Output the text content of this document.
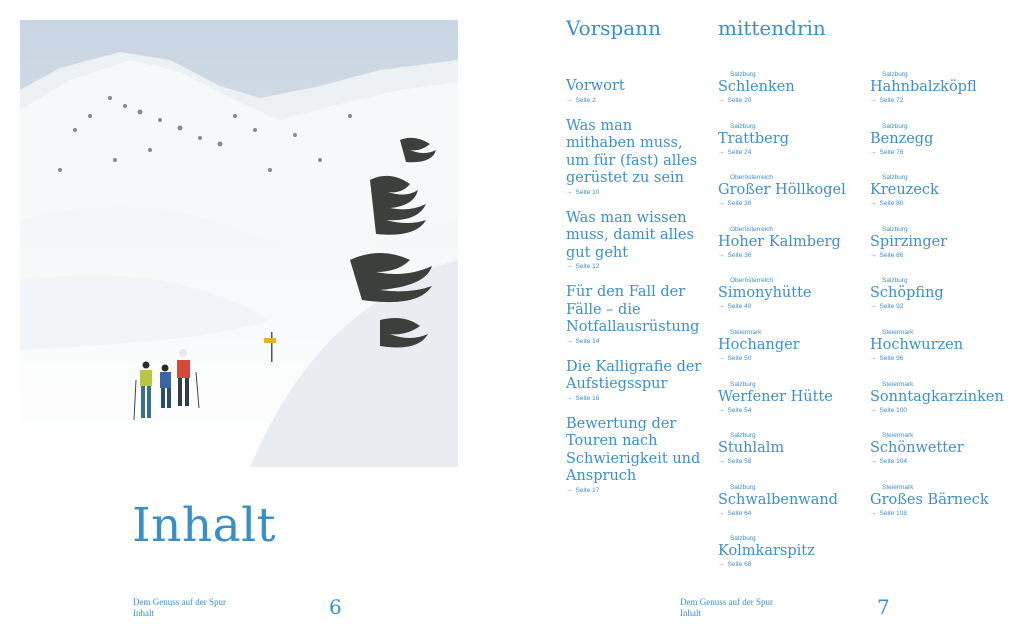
Inhalt
Dem Genuss auf der Spur
Inhalt	6
Vorspann	mittendrin
Vorwort
→ Seite 2
Was man mithaben muss, um für (fast) alles gerüstet zu sein
→ Seite 10
Was man wissen muss, damit alles gut geht
→ Seite 12
Für den Fall der Fälle – die Notfallausrüstung
→ Seite 14
Die Kalligrafie der Aufstiegsspur
→ Seite 16
Bewertung der Touren nach Schwierigkeit und Anspruch
→ Seite 17
Salzburg
Schlenken
→ Seite 20
Salzburg
Trattberg
→ Seite 24
Oberösterreich
Großer Höllkogel
→ Seite 30
Oberösterreich
Hoher Kalmberg
→ Seite 36
Oberösterreich
Simonyhütte
→ Seite 40
Steiermark
Hochanger
→ Seite 50
Salzburg
Werfener Hütte
→ Seite 54
Salzburg
Stuhlalm
→ Seite 58
Salzburg
Schwalbenwand
→ Seite 64
Salzburg
Kolmkarspitz
→ Seite 68
Salzburg
Hahnbalzköpfl
→ Seite 72
Salzburg
Benzegg
→ Seite 76
Salzburg
Kreuzeck
→ Seite 80
Salzburg
Spirzinger
→ Seite 86
Salzburg
Schöpfing
→ Seite 92
Steiermark
Hochwurzen
→ Seite 96
Steiermark
Sonntagkarzinken
→ Seite 100
Steiermark
Schönwetter
→ Seite 104
Steiermark
Großes Bärneck
→ Seite 108
Dem Genuss auf der Spur
Inhalt	7
